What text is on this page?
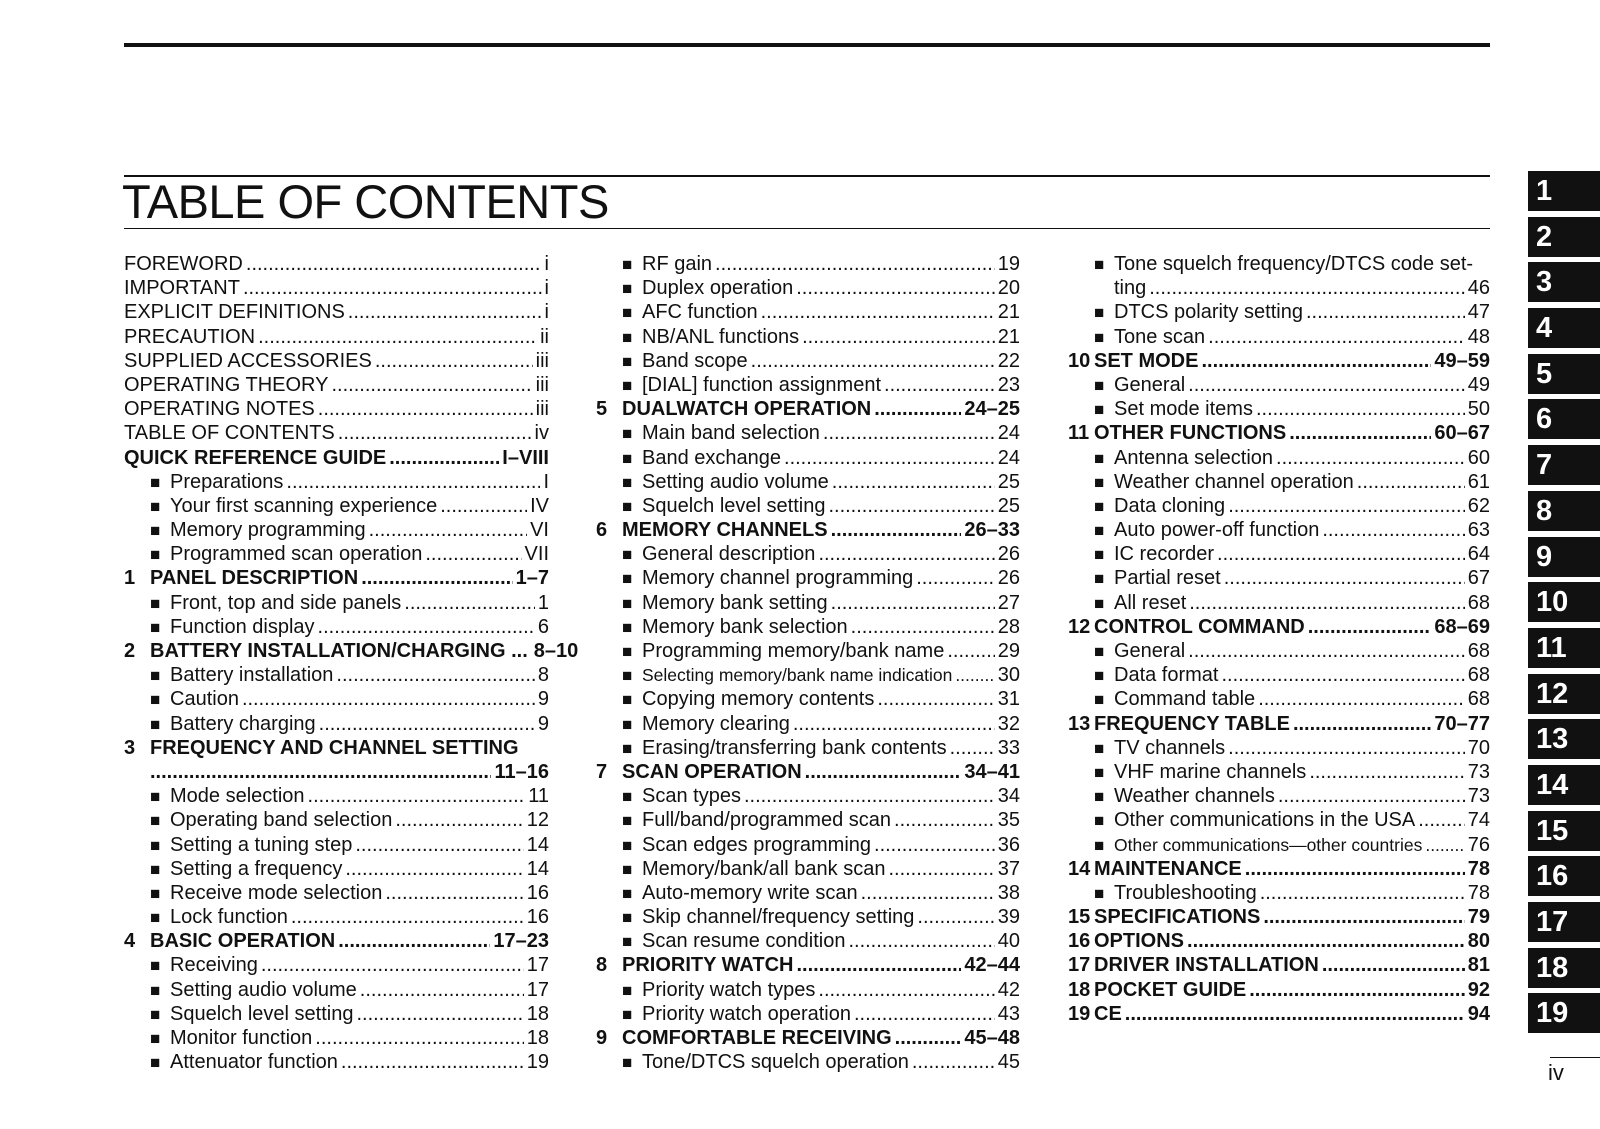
TABLE OF CONTENTS
FOREWORD .....	i
IMPORTANT .....	i
EXPLICIT DEFINITIONS .....	i
PRECAUTION .....	ii
SUPPLIED ACCESSORIES .....	iii
OPERATING THEORY .....	iii
OPERATING NOTES .....	iii
TABLE OF CONTENTS .....	iv
QUICK REFERENCE GUIDE .....	I–VIII
■ Preparations .....	I
■ Your first scanning experience .....	IV
■ Memory programming .....	VI
■ Programmed scan operation .....	VII
1 PANEL DESCRIPTION .....	1–7
■ Front, top and side panels .....	1
■ Function display .....	6
2 BATTERY INSTALLATION/CHARGING ... 8–10
■ Battery installation .....	8
■ Caution .....	9
■ Battery charging .....	9
3 FREQUENCY AND CHANNEL SETTING
.....
11–16
■ Mode selection .....	11
■ Operating band selection .....	12
■ Setting a tuning step .....	14
■ Setting a frequency .....	14
■ Receive mode selection .....	16
■ Lock function .....	16
4 BASIC OPERATION .....	17–23
■ Receiving .....	17
■ Setting audio volume .....	17
■ Squelch level setting .....	18
■ Monitor function .....	18
■ Attenuator function .....	19
■ RF gain .....	19
■ Duplex operation .....	20
■ AFC function .....	21
■ NB/ANL functions .....	21
■ Band scope .....	22
■ [DIAL] function assignment .....	23
5 DUALWATCH OPERATION .....	24–25
■ Main band selection .....	24
■ Band exchange .....	24
■ Setting audio volume .....	25
■ Squelch level setting .....	25
6 MEMORY CHANNELS .....	26–33
■ General description .....	26
■ Memory channel programming .....	26
■ Memory bank setting .....	27
■ Memory bank selection .....	28
■ Programming memory/bank name .....	29
■ Selecting memory/bank name indication ..... 30
■ Copying memory contents .....	31
■ Memory clearing .....	32
■ Erasing/transferring bank contents .....	33
7 SCAN OPERATION .....	34–41
■ Scan types .....	34
■ Full/band/programmed scan .....	35
■ Scan edges programming .....	36
■ Memory/bank/all bank scan .....	37
■ Auto-memory write scan .....	38
■ Skip channel/frequency setting .....	39
■ Scan resume condition .....	40
8 PRIORITY WATCH .....	42–44
■ Priority watch types .....	42
■ Priority watch operation .....	43
9 COMFORTABLE RECEIVING .....	45–48
■ Tone/DTCS squelch operation .....	45
■ Tone squelch frequency/DTCS code set-
ting .....	46
■ DTCS polarity setting .....	47
■ Tone scan .....	48
10 SET MODE .....	49–59
■ General .....	49
■ Set mode items .....	50
11 OTHER FUNCTIONS .....	60–67
■ Antenna selection .....	60
■ Weather channel operation .....	61
■ Data cloning .....	62
■ Auto power-off function .....	63
■ IC recorder .....	64
■ Partial reset .....	67
■ All reset .....	68
12 CONTROL COMMAND .....	68–69
■ General .....	68
■ Data format .....	68
■ Command table .....	68
13 FREQUENCY TABLE .....	70–77
■ TV channels .....	70
■ VHF marine channels .....	73
■ Weather channels .....	73
■ Other communications in the USA .....	74
■ Other communications—other countries ..... 76
14 MAINTENANCE .....	78
■ Troubleshooting .....	78
15 SPECIFICATIONS .....	79
16 OPTIONS .....	80
17 DRIVER INSTALLATION .....	81
18 POCKET GUIDE .....	92
19 CE .....	94
1
2
3
4
5
6
7
8
9
10
11
12
13
14
15
16
17
18
19
iv
